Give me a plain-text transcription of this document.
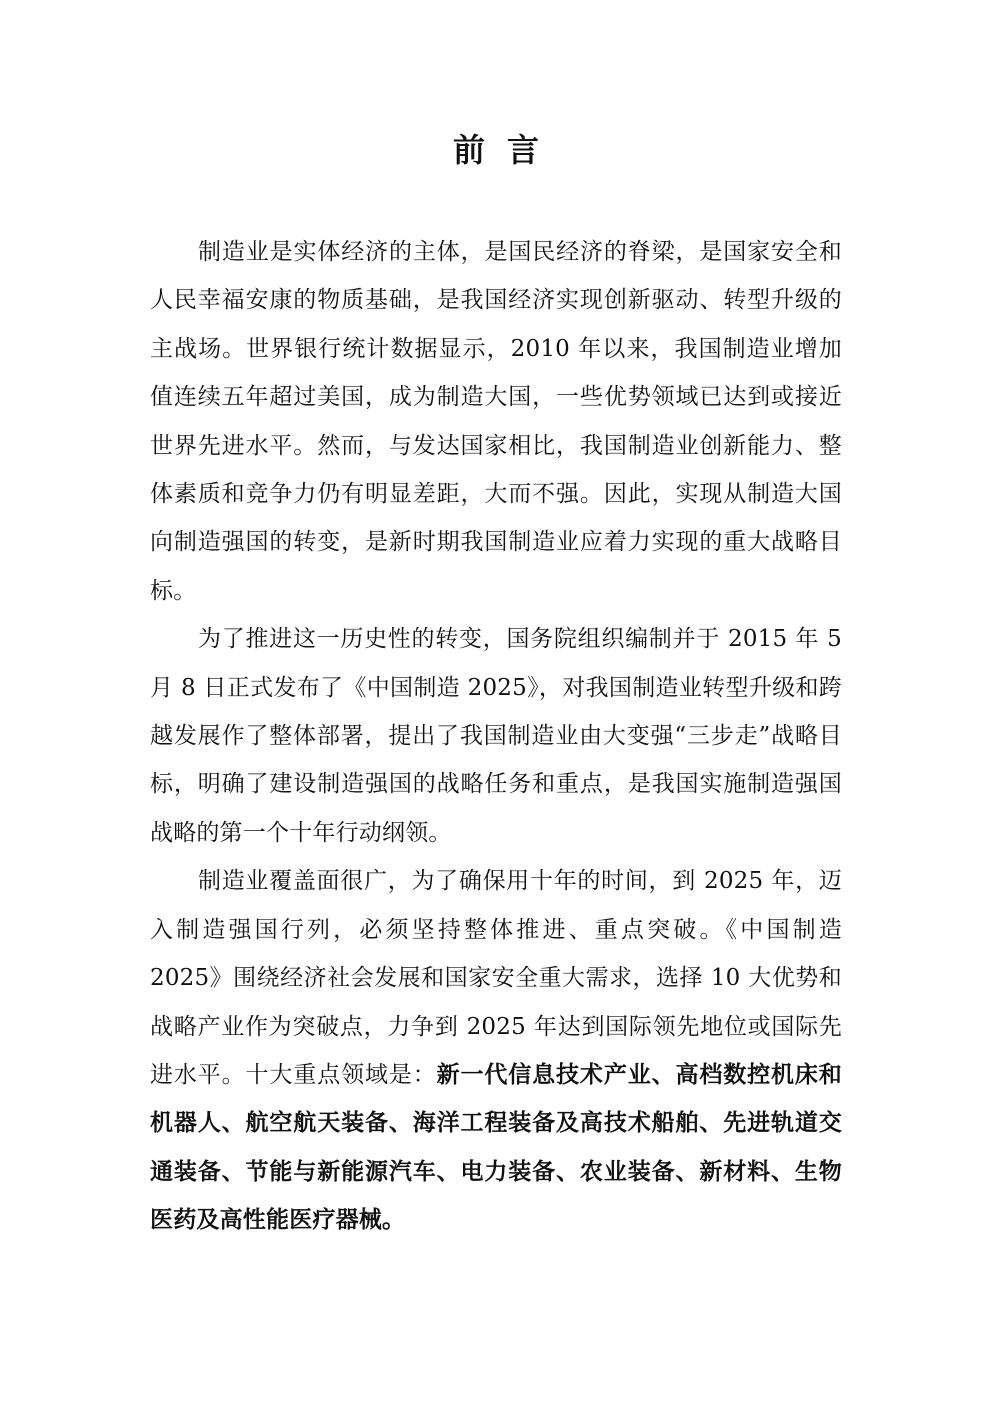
前言

制造业是实体经济的主体，是国民经济的脊梁，是国家安全和人民幸福安康的物质基础，是我国经济实现创新驱动、转型升级的主战场。世界银行统计数据显示，2010 年以来，我国制造业增加值连续五年超过美国，成为制造大国，一些优势领域已达到或接近世界先进水平。然而，与发达国家相比，我国制造业创新能力、整体素质和竞争力仍有明显差距，大而不强。因此，实现从制造大国向制造强国的转变，是新时期我国制造业应着力实现的重大战略目标。

为了推进这一历史性的转变，国务院组织编制并于 2015 年 5 月 8 日正式发布了《中国制造 2025》，对我国制造业转型升级和跨越发展作了整体部署，提出了我国制造业由大变强“三步走”战略目标，明确了建设制造强国的战略任务和重点，是我国实施制造强国战略的第一个十年行动纲领。

制造业覆盖面很广，为了确保用十年的时间，到 2025 年，迈入制造强国行列，必须坚持整体推进、重点突破。《中国制造 2025》围绕经济社会发展和国家安全重大需求，选择 10 大优势和战略产业作为突破点，力争到 2025 年达到国际领先地位或国际先进水平。十大重点领域是：新一代信息技术产业、高档数控机床和机器人、航空航天装备、海洋工程装备及高技术船舶、先进轨道交通装备、节能与新能源汽车、电力装备、农业装备、新材料、生物医药及高性能医疗器械。
